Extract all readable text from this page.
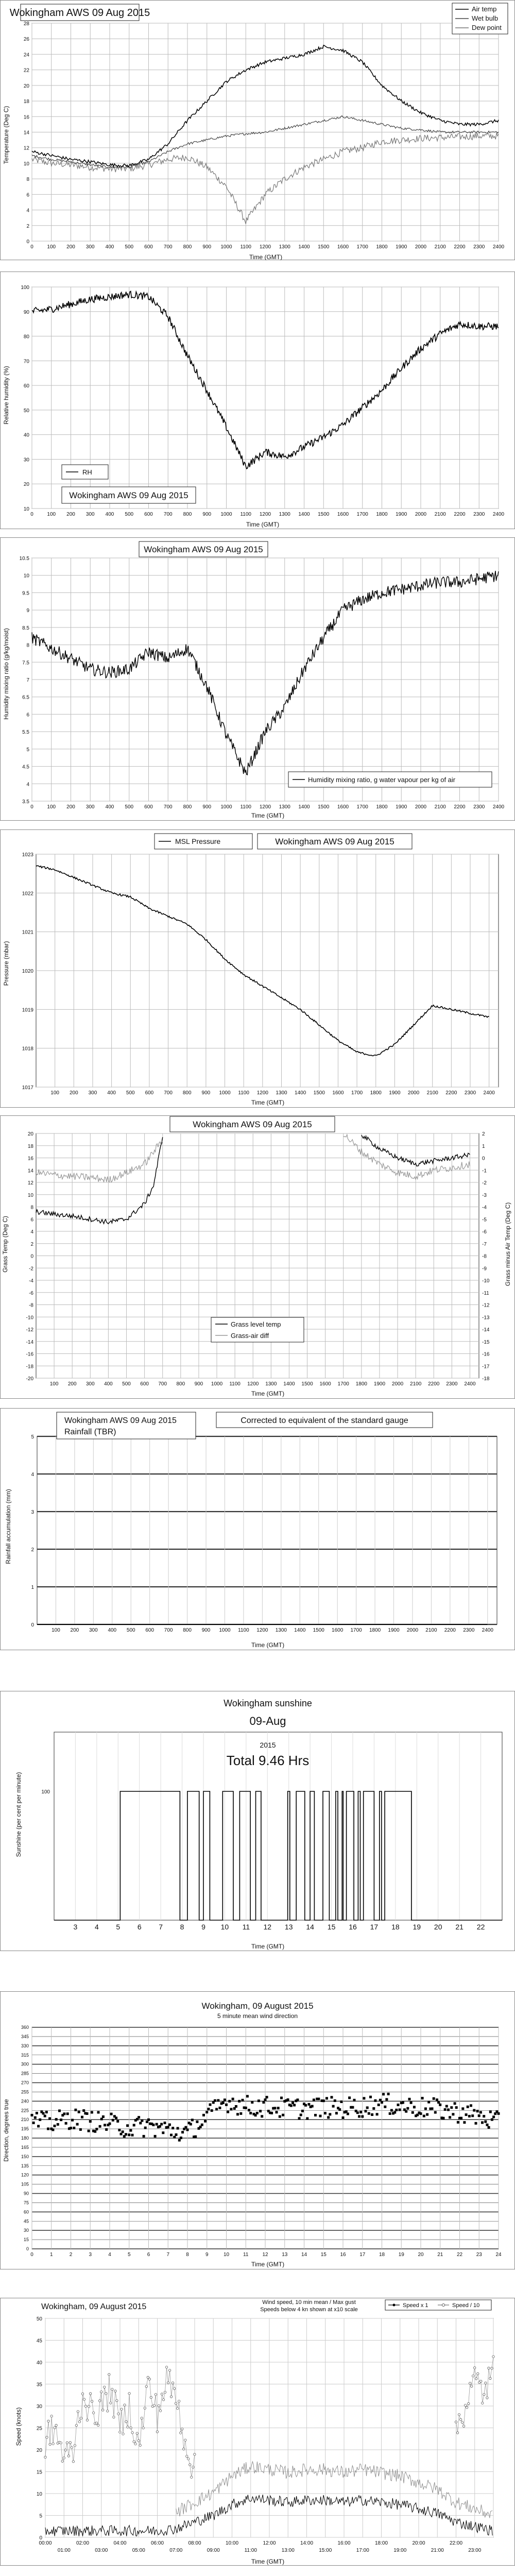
0
2
4
6
8
10
12
14
16
18
20
22
24
26
28
0	100 200 300 400 500 600 700 800 900 1000 1100 1200 1300 1400 1500 1600 1700 1800 1900 2000 2100 2200 2300 2400
Wokingham AWS 09 Aug 2015
Time (GMT)
Temperature (Deg C)
Air temp
Wet bulb
Dew point
10
20
30
40
50
60
70
80
90
100
0	100 200 300 400 500 600 700 800 900 1000 1100 1200 1300 1400 1500 1600 1700 1800 1900 2000 2100 2200 2300 2400
RH
Wokingham AWS 09 Aug 2015
Time (GMT)
Relative humidity (%)
3.5
4
4.5
5
5.5
6
6.5
7
7.5
8
8.5
9
9.5
10
10.5
0	100 200 300 400 500 600 700 800 900 1000 1100 1200 1300 1400 1500 1600 1700 1800 1900 2000 2100 2200 2300 2400
Wokingham AWS 09 Aug 2015
Humidity mixing ratio, g water vapour per kg of air
Time (GMT)
Humidity mixing ratio (g/kg/moist)
1017
1018
1019
1020
1021
1022
1023
100 200 300 400 500 600 700 800 900 1000 1100 1200 1300 1400 1500 1600 1700 1800 1900 2000 2100 2200 2300 2400
MSL Pressure	Wokingham AWS 09 Aug 2015
Time (GMT)
Pressure (mbar)
20
18
16
14
12
10
8
6
4
2
0
-2
-4
-6
-8
-10
-12
-14
-16
-18
-20
100 200 300 400 500 600 700 800 900 1000 1100 1200 1300 1400 1500 1600 1700 1800 1900 2000 2100 2200 2300 2400
2
1
0
-1
-2
-3
-4
-5
-6
-7
-8
-9
-10
-11
-12
-13
-14
-15
-16
-17
-18
Wokingham AWS 09 Aug 2015
Grass level temp
Grass-air diff
Time (GMT)
Grass Temp (Deg C)	Grass minus Air Temp (Deg C)
0
1
2
3
4
5
100 200 300 400 500 600 700 800 900 1000 1100 1200 1300 1400 1500 1600 1700 1800 1900 2000 2100 2200 2300 2400
Wokingham AWS 09 Aug 2015
Rainfall (TBR)
Corrected to equivalent of the standard gauge
Time (GMT)
Rainfall accumulation (mm)
3 4 5 6 7 8 9 10 11 12 13 14 15 16 17 18 19 20 21 22
100
Wokingham sunshine
09-Aug
2015
Total 9.46 Hrs
Time (GMT)
Sunshine (per cent per minute)
0
15
30
45
60
75
90
105
120
135
150
165
180
195
210
225
240
255
270
285
300
315
330
345
360
0	1	2	3	4	5	6	7	8	9	10	11	12	13	14	15	16	17	18	19	20	21	22	23	24
Wokingham, 09 August 2015
5 minute mean wind direction
Time (GMT)
Direction, degrees true
0
5
10
15
20
25
30
35
40
45
50
00:00	02:00	04:00	06:00	08:00	10:00	12:00	14:00	16:00	18:00	20:00	22:00
01:00	03:00	05:00	07:00	09:00	11:00	13:00	15:00	17:00	19:00	21:00	23:00
Wokingham, 09 August 2015	Wind speed, 10 min mean / Max gust
Speeds below 4 kn shown at x10 scale
Speed x 1	Speed / 10
Time (GMT)
Speed (knots)
